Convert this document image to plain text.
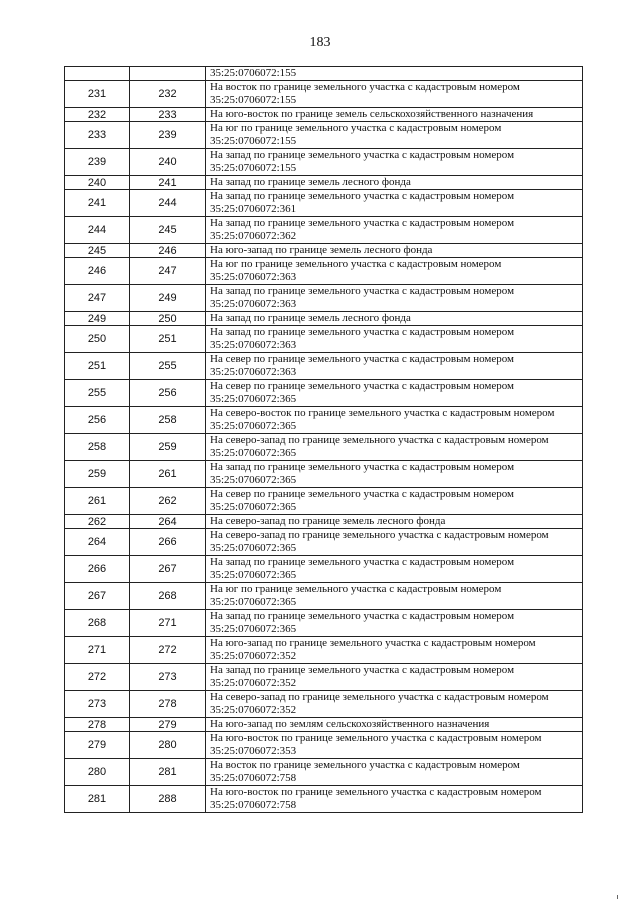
183
		35:25:0706072:155
231	232	На восток по границе земельного участка с кадастровым номером 35:25:0706072:155
232	233	На юго-восток по границе земель сельскохозяйственного назначения
233	239	На юг по границе земельного участка с кадастровым номером 35:25:0706072:155
239	240	На запад по границе земельного участка с кадастровым номером 35:25:0706072:155
240	241	На запад по границе земель лесного фонда
241	244	На запад по границе земельного участка с кадастровым номером 35:25:0706072:361
244	245	На запад по границе земельного участка с кадастровым номером 35:25:0706072:362
245	246	На юго-запад по границе земель лесного фонда
246	247	На юг по границе земельного участка с кадастровым номером 35:25:0706072:363
247	249	На запад по границе земельного участка с кадастровым номером 35:25:0706072:363
249	250	На запад по границе земель лесного фонда
250	251	На запад по границе земельного участка с кадастровым номером 35:25:0706072:363
251	255	На север по границе земельного участка с кадастровым номером 35:25:0706072:363
255	256	На север по границе земельного участка с кадастровым номером 35:25:0706072:365
256	258	На северо-восток по границе земельного участка с кадастровым номером 35:25:0706072:365
258	259	На северо-запад по границе земельного участка с кадастровым номером 35:25:0706072:365
259	261	На запад по границе земельного участка с кадастровым номером 35:25:0706072:365
261	262	На север по границе земельного участка с кадастровым номером 35:25:0706072:365
262	264	На северо-запад по границе земель лесного фонда
264	266	На северо-запад по границе земельного участка с кадастровым номером 35:25:0706072:365
266	267	На запад по границе земельного участка с кадастровым номером 35:25:0706072:365
267	268	На юг по границе земельного участка с кадастровым номером 35:25:0706072:365
268	271	На запад по границе земельного участка с кадастровым номером 35:25:0706072:365
271	272	На юго-запад по границе земельного участка с кадастровым номером 35:25:0706072:352
272	273	На запад по границе земельного участка с кадастровым номером 35:25:0706072:352
273	278	На северо-запад по границе земельного участка с кадастровым номером 35:25:0706072:352
278	279	На юго-запад по землям сельскохозяйственного назначения
279	280	На юго-восток по границе земельного участка с кадастровым номером 35:25:0706072:353
280	281	На восток по границе земельного участка с кадастровым номером 35:25:0706072:758
281	288	На юго-восток по границе земельного участка с кадастровым номером 35:25:0706072:758
